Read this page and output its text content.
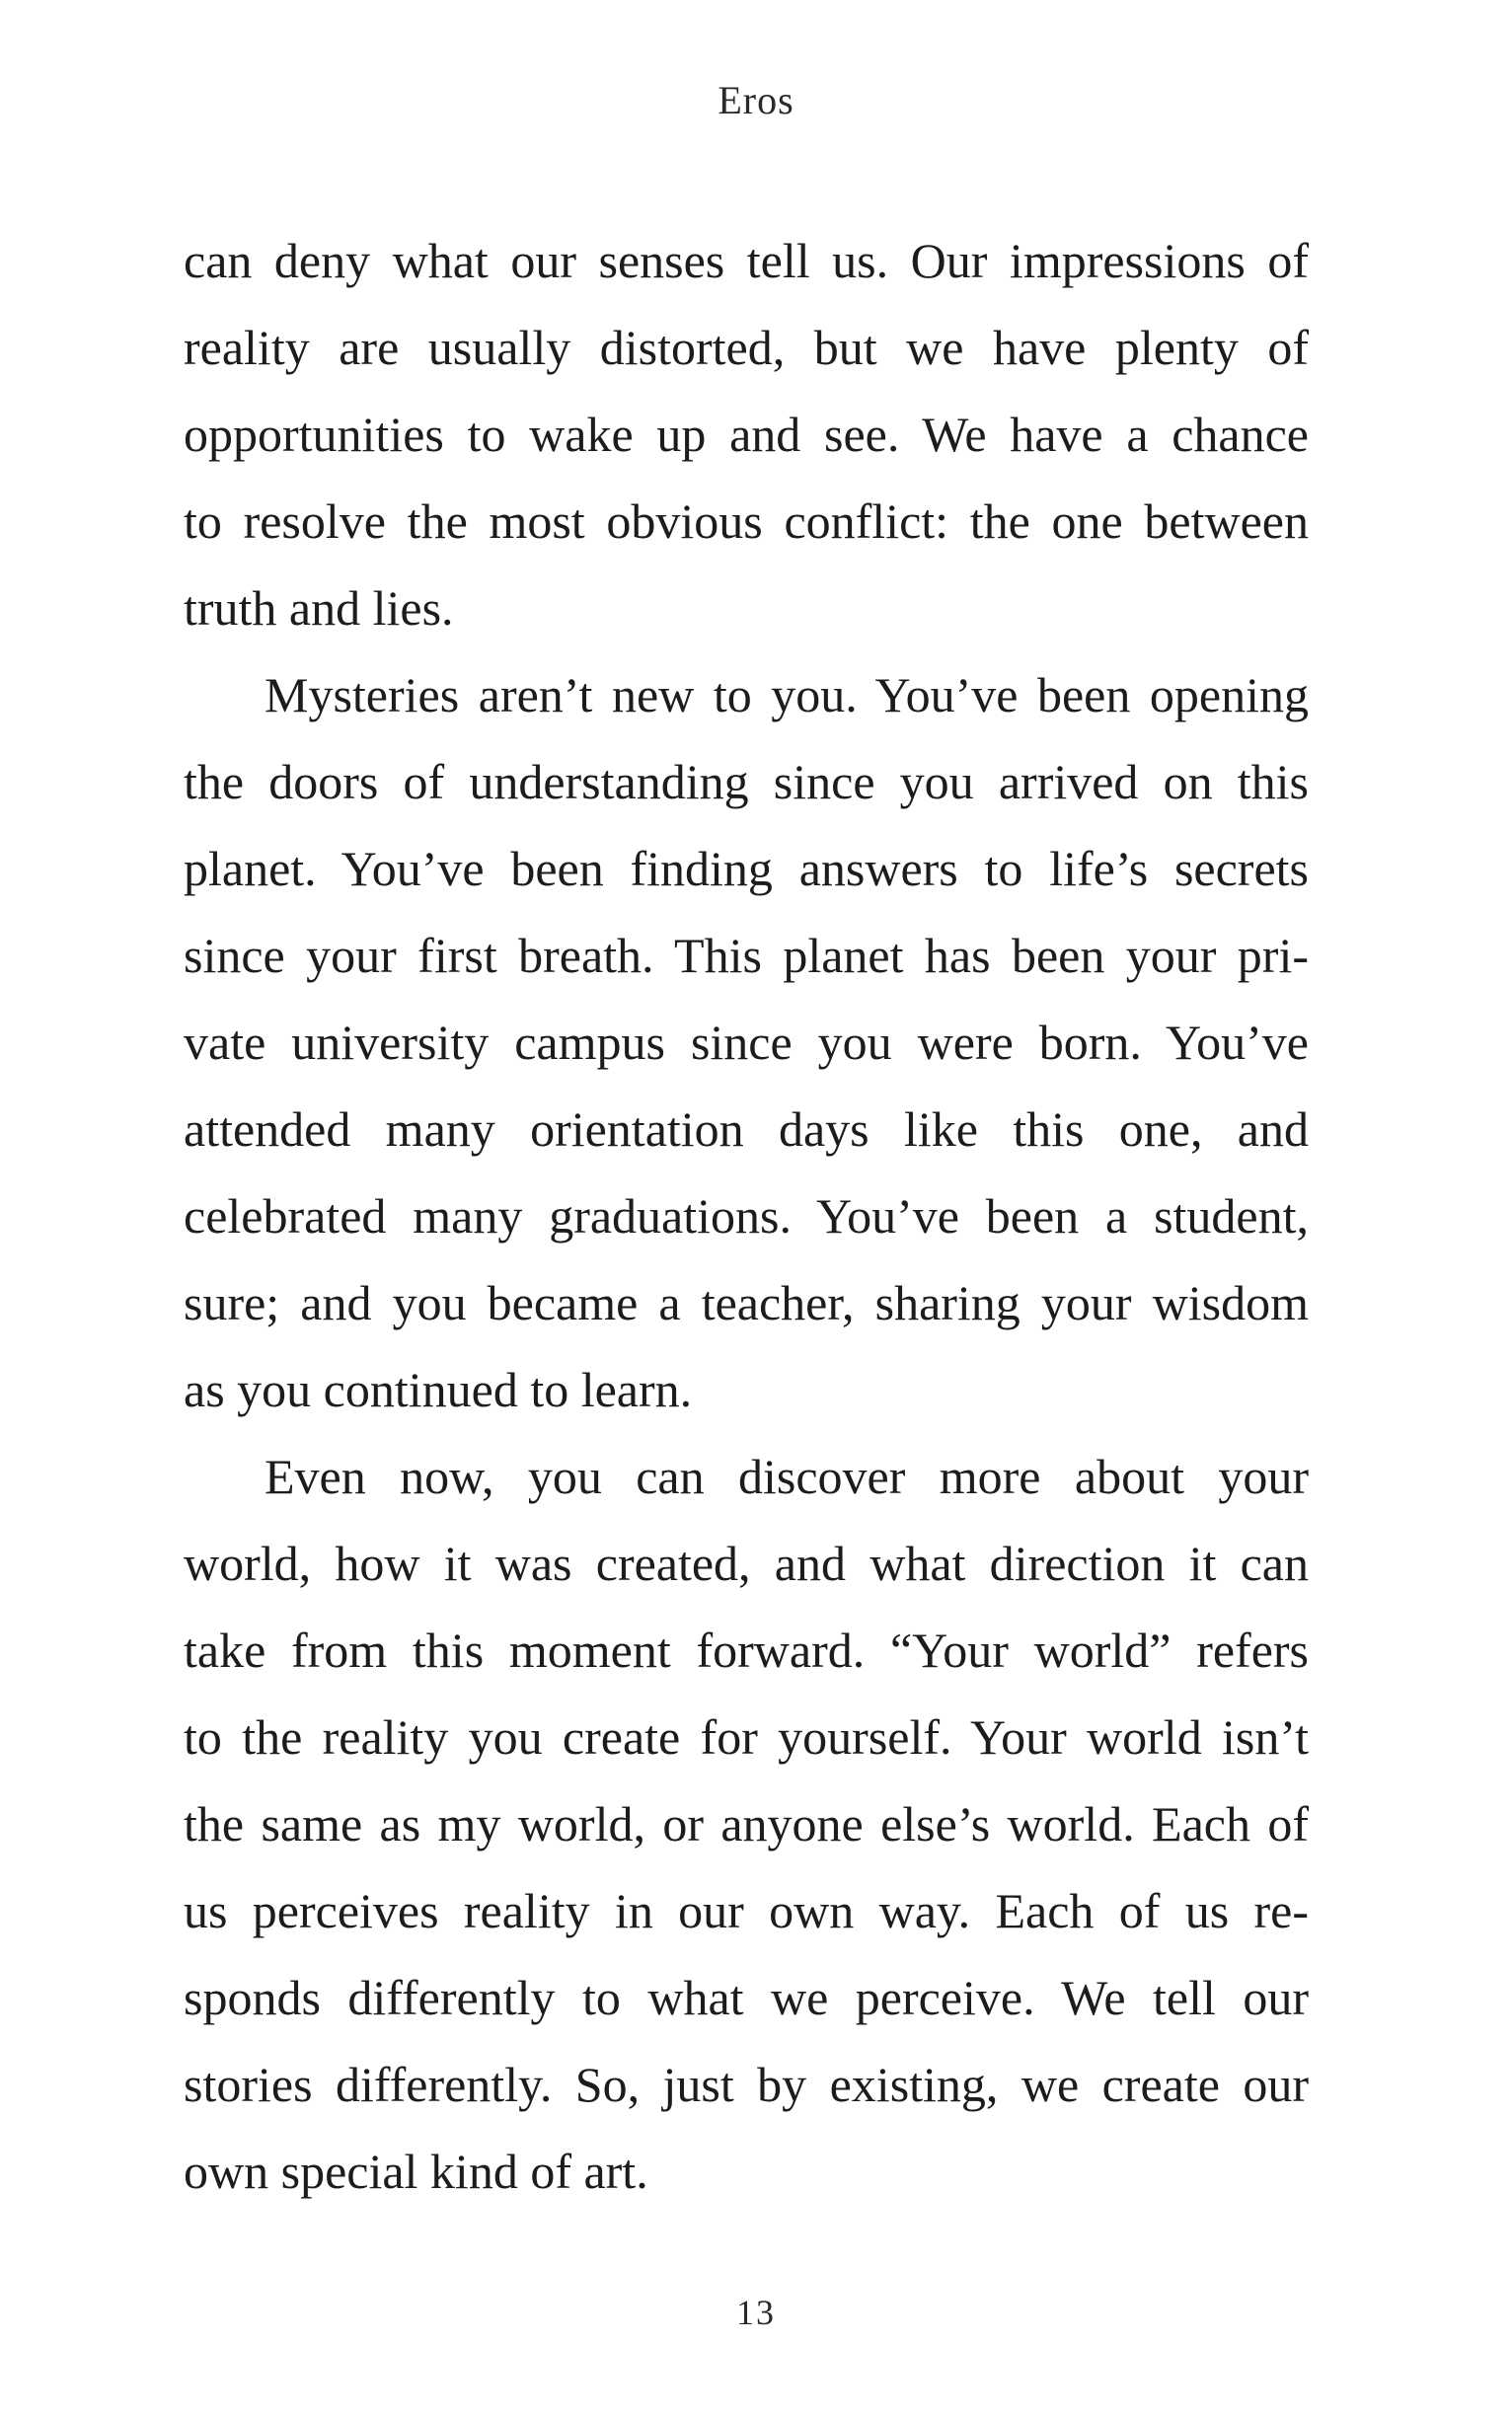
Eros
can deny what our senses tell us. Our impressions of
reality are usually distorted, but we have plenty of
opportunities to wake up and see. We have a chance
to resolve the most obvious conflict: the one between
truth and lies.
Mysteries aren’t new to you. You’ve been opening
the doors of understanding since you arrived on this
planet. You’ve been finding answers to life’s secrets
since your first breath. This planet has been your pri-
vate university campus since you were born. You’ve
attended many orientation days like this one, and
celebrated many graduations. You’ve been a student,
sure; and you became a teacher, sharing your wisdom
as you continued to learn.
Even now, you can discover more about your
world, how it was created, and what direction it can
take from this moment forward. “Your world” refers
to the reality you create for yourself. Your world isn’t
the same as my world, or anyone else’s world. Each of
us perceives reality in our own way. Each of us re-
sponds differently to what we perceive. We tell our
stories differently. So, just by existing, we create our
own special kind of art.
13
